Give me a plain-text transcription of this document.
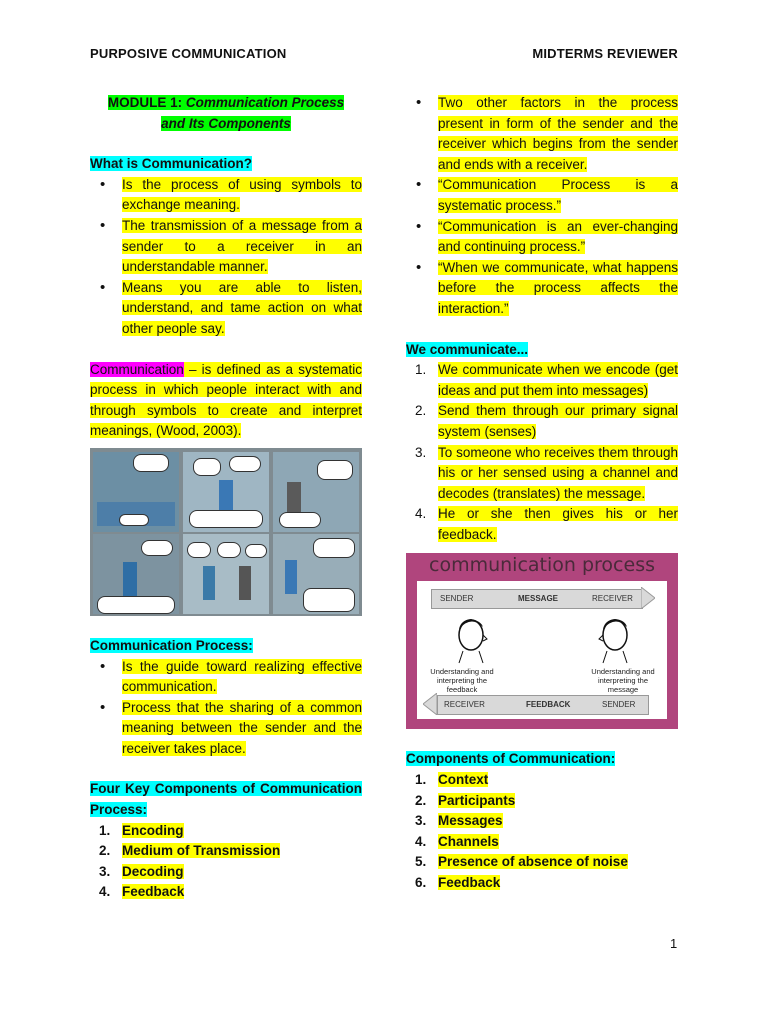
PURPOSIVE COMMUNICATION	MIDTERMS REVIEWER
MODULE 1: Communication Process
and Its Components
What is Communication?
• Is the process of using symbols to exchange meaning.
• The transmission of a message from a sender to a receiver in an understandable manner.
• Means you are able to listen, understand, and tame action on what other people say.
Communication – is defined as a systematic process in which people interact with and through symbols to create and interpret meanings, (Wood, 2003).
Communication Process:
• Is the guide toward realizing effective communication.
• Process that the sharing of a common meaning between the sender and the receiver takes place.
Four Key Components of Communication Process:
1. Encoding
2. Medium of Transmission
3. Decoding
4. Feedback
• Two other factors in the process present in form of the sender and the receiver which begins from the sender and ends with a receiver.
• “Communication Process is a systematic process.”
• “Communication is an ever-changing and continuing process.”
• “When we communicate, what happens before the process affects the interaction.”
We communicate...
1. We communicate when we encode (get ideas and put them into messages)
2. Send them through our primary signal system (senses)
3. To someone who receives them through his or her sensed using a channel and decodes (translates) the message.
4. He or she then gives his or her feedback.
communication process
SENDER	MESSAGE	RECEIVER
Understanding and interpreting the feedback
Understanding and interpreting the message
RECEIVER	FEEDBACK	SENDER
Components of Communication:
1. Context
2. Participants
3. Messages
4. Channels
5. Presence of absence of noise
6. Feedback
1
